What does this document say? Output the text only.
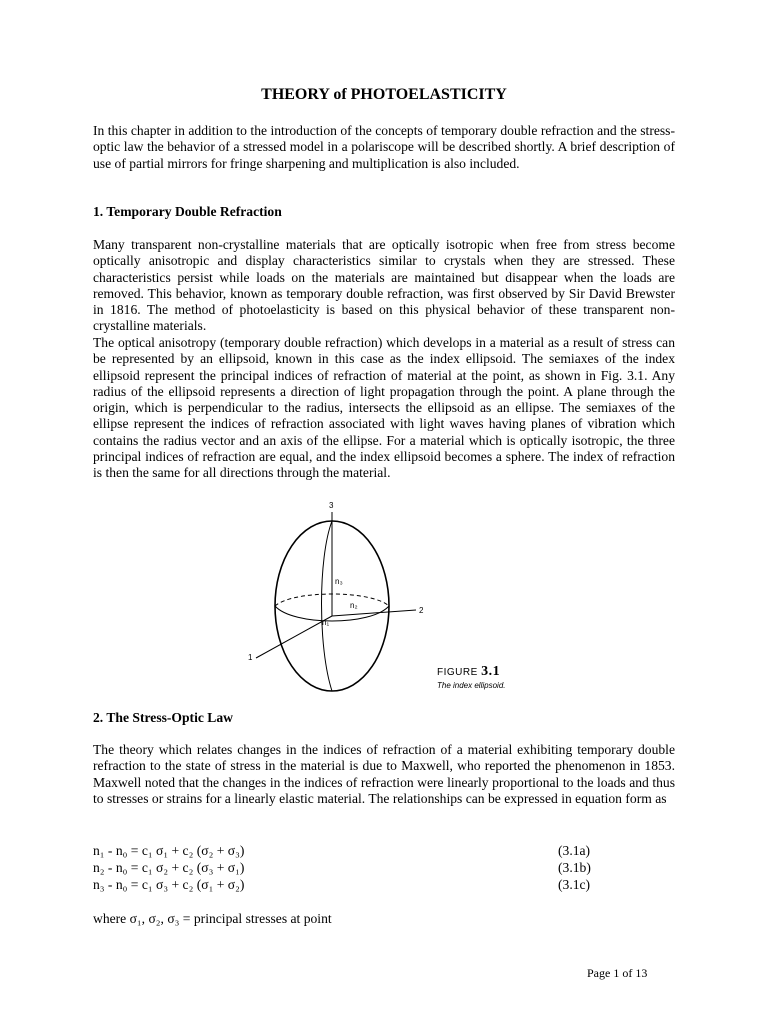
THEORY of PHOTOELASTICITY

In this chapter in addition to the introduction of the concepts of temporary double refraction and the stress-optic law the behavior of a stressed model in a polariscope will be described shortly. A brief description of use of partial mirrors for fringe sharpening and multiplication is also included.

1. Temporary Double Refraction

Many transparent non-crystalline materials that are optically isotropic when free from stress become optically anisotropic and display characteristics similar to crystals when they are stressed. These characteristics persist while loads on the materials are maintained but disappear when the loads are removed. This behavior, known as temporary double refraction, was first observed by Sir David Brewster in 1816. The method of photoelasticity is based on this physical behavior of these transparent non-crystalline materials.

The optical anisotropy (temporary double refraction) which develops in a material as a result of stress can be represented by an ellipsoid, known in this case as the index ellipsoid. The semiaxes of the index ellipsoid represent the principal indices of refraction of material at the point, as shown in Fig. 3.1. Any radius of the ellipsoid represents a direction of light propagation through the point. A plane through the origin, which is perpendicular to the radius, intersects the ellipsoid as an ellipse. The semiaxes of the ellipse represent the indices of refraction associated with light waves having planes of vibration which contains the radius vector and an axis of the ellipse. For a material which is optically isotropic, the three principal indices of refraction are equal, and the index ellipsoid becomes a sphere. The index of refraction is then the same for all directions through the material.

3
2
1
n₃
n₂
n₁
FIGURE 3.1
The index ellipsoid.
2. The Stress-Optic Law

The theory which relates changes in the indices of refraction of a material exhibiting temporary double refraction to the state of stress in the material is due to Maxwell, who reported the phenomenon in 1853. Maxwell noted that the changes in the indices of refraction were linearly proportional to the loads and thus to stresses or strains for a linearly elastic material. The relationships can be expressed in equation form as

n₁ - n₀ = c₁ σ₁ + c₂ (σ₂ + σ₃)	(3.1a)
n₂ - n₀ = c₁ σ₂ + c₂ (σ₃ + σ₁)	(3.1b)
n₃ - n₀ = c₁ σ₃ + c₂ (σ₁ + σ₂)	(3.1c)
where σ₁, σ₂, σ₃ = principal stresses at point
Page 1 of 13
